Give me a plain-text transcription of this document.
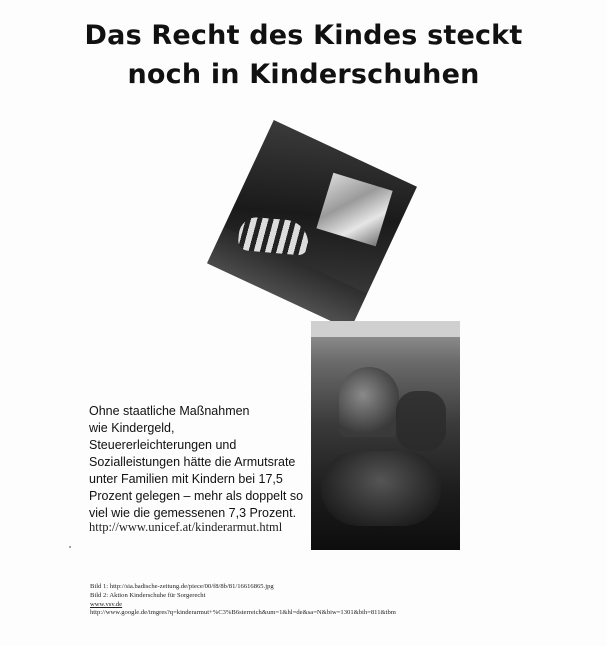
Das Recht des Kindes steckt
noch in Kinderschuhen
Ohne staatliche Maßnahmen
wie Kindergeld,
Steuererleichterungen und
Sozialleistungen hätte die Armutsrate
unter Familien mit Kindern bei 17,5
Prozent gelegen – mehr als doppelt so
viel wie die gemessenen 7,3 Prozent.
http://www.unicef.at/kinderarmut.html
Bild 1: http://sia.badische-zeitung.de/piece/00/f8/8b/81/16616865.jpg
Bild 2: Aktion Kinderschuhe für Sorgerecht
www.vsv.de
http://www.google.de/imgres?q=kinderarmut+%C3%B6sterreich&um=1&hl=de&sa=N&biw=1301&bih=811&tbm
